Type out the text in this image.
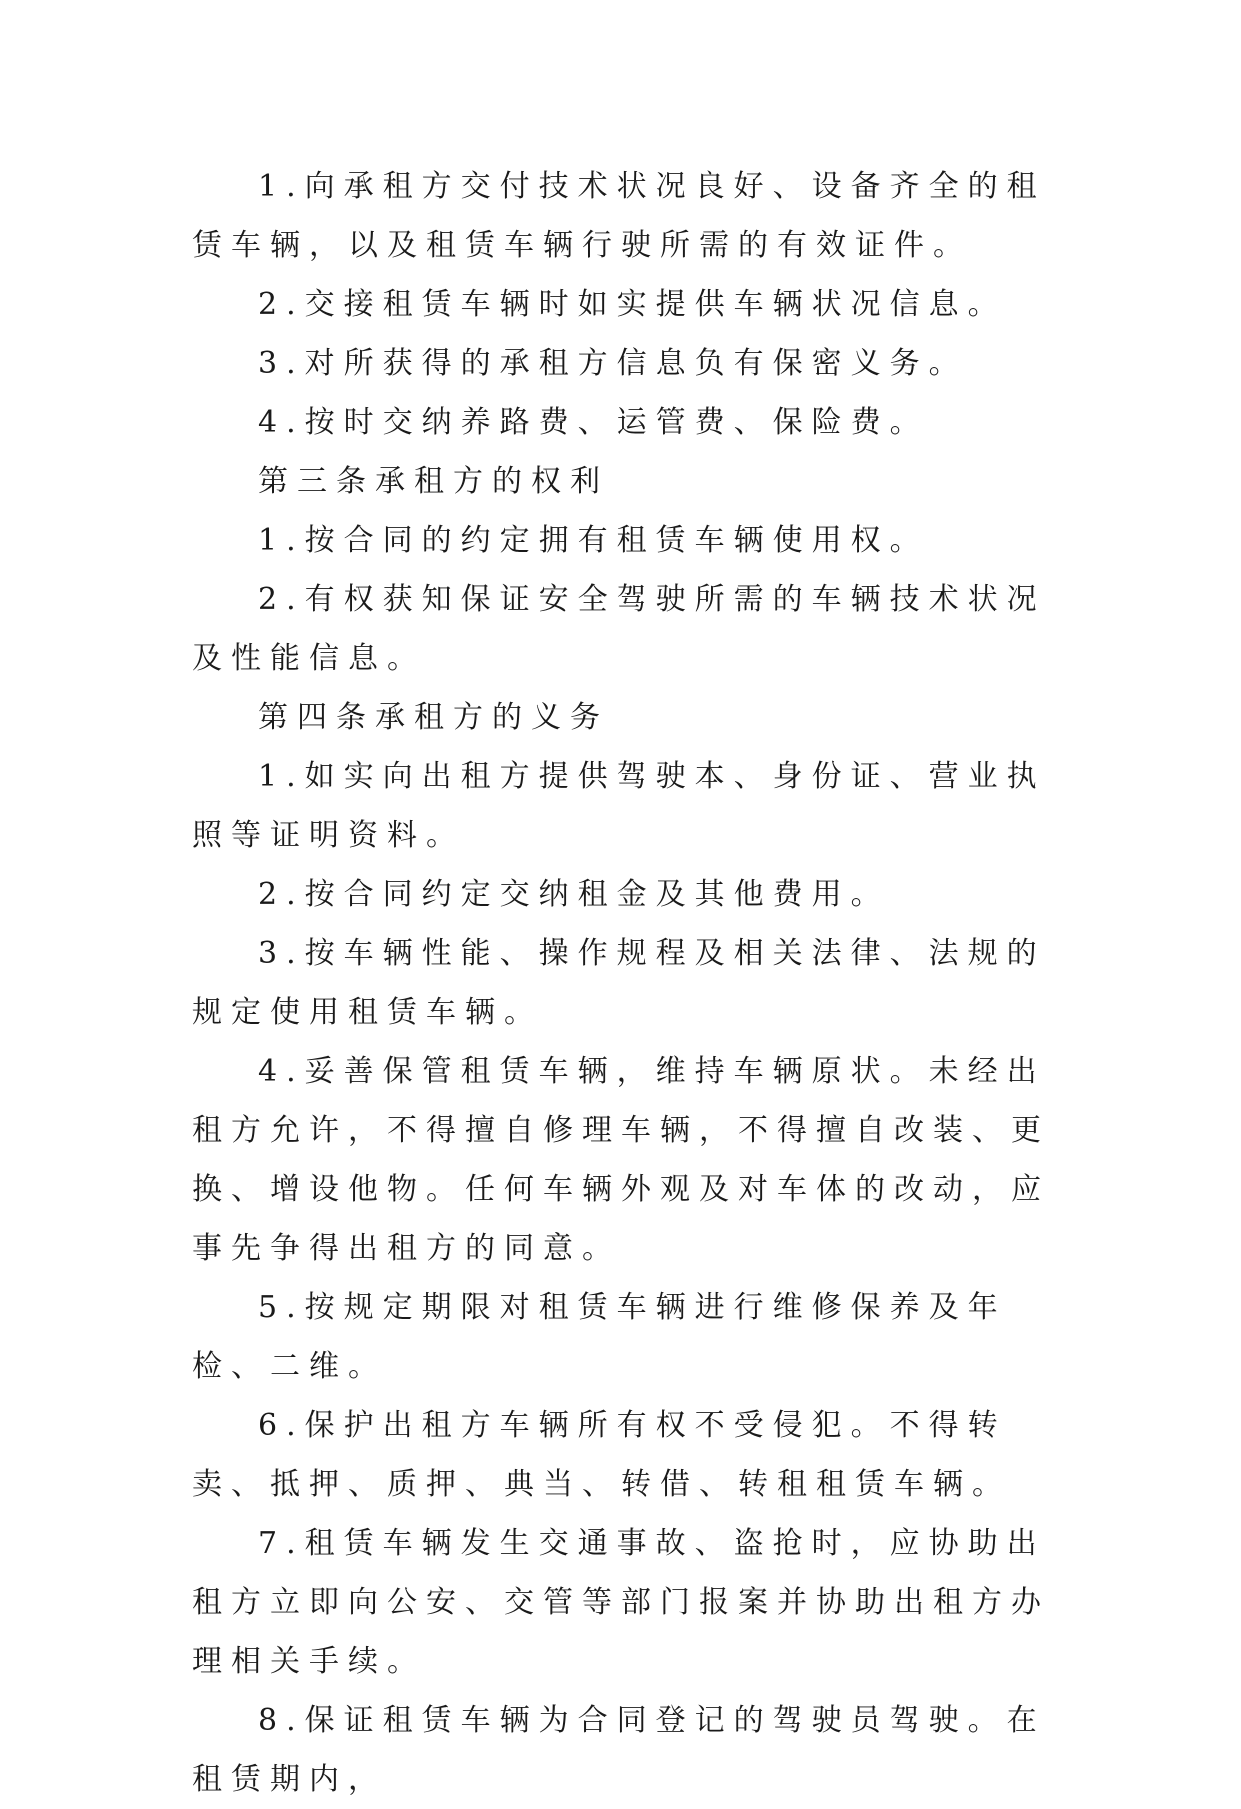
1.向承租方交付技术状况良好、设备齐全的租赁车辆，以及租赁车辆行驶所需的有效证件。

2.交接租赁车辆时如实提供车辆状况信息。

3.对所获得的承租方信息负有保密义务。

4.按时交纳养路费、运管费、保险费。

第三条承租方的权利

1.按合同的约定拥有租赁车辆使用权。

2.有权获知保证安全驾驶所需的车辆技术状况及性能信息。

第四条承租方的义务

1.如实向出租方提供驾驶本、身份证、营业执照等证明资料。

2.按合同约定交纳租金及其他费用。

3.按车辆性能、操作规程及相关法律、法规的规定使用租赁车辆。

4.妥善保管租赁车辆，维持车辆原状。未经出租方允许，不得擅自修理车辆，不得擅自改装、更换、增设他物。任何车辆外观及对车体的改动，应事先争得出租方的同意。

5.按规定期限对租赁车辆进行维修保养及年检、二维。

6.保护出租方车辆所有权不受侵犯。不得转卖、抵押、质押、典当、转借、转租租赁车辆。

7.租赁车辆发生交通事故、盗抢时，应协助出租方立即向公安、交管等部门报案并协助出租方办理相关手续。

8.保证租赁车辆为合同登记的驾驶员驾驶。在租赁期内，
